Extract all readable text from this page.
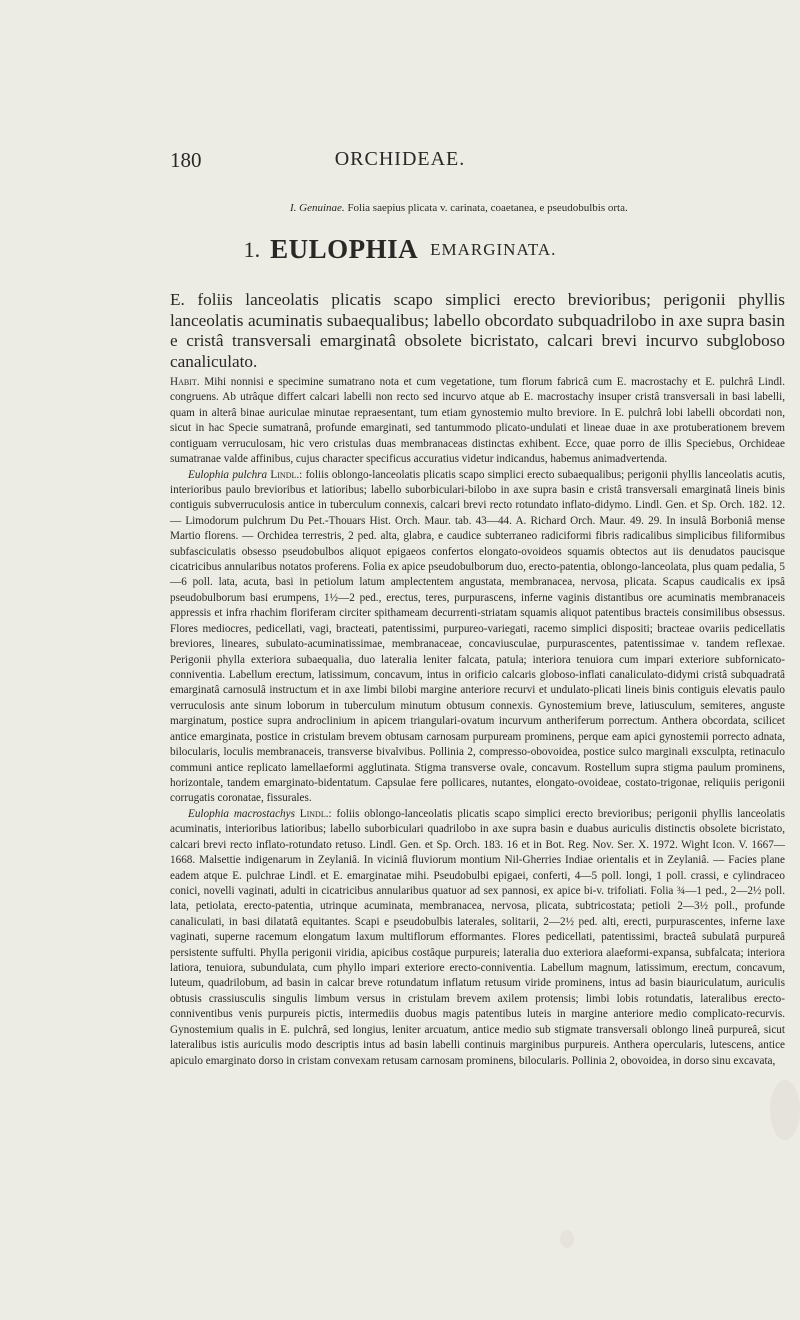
180	ORCHIDEAE.
I. Genuinae. Folia saepius plicata v. carinata, coaetanea, e pseudobulbis orta.
1. EULOPHIA EMARGINATA.
E. foliis lanceolatis plicatis scapo simplici erecto brevioribus; perigonii phyllis lanceolatis acuminatis subaequalibus; labello obcordato subquadrilobo in axe supra basin e cristâ transversali emarginatâ obsolete bicristato, calcari brevi incurvo subgloboso canaliculato.

Habit. Mihi nonnisi e specimine sumatrano nota et cum vegetatione, tum florum fabricâ cum E. macrostachy et E. pulchrâ Lindl. congruens. Ab utrâque differt calcari labelli non recto sed incurvo atque ab E. macrostachy insuper cristâ transversali in basi labelli, quam in alterâ binae auriculae minutae repraesentant, tum etiam gynostemio multo breviore. In E. pulchrâ lobi labelli obcordati non, sicut in hac Specie sumatranâ, profunde emarginati, sed tantummodo plicato-undulati et lineae duae in axe protuberationem brevem contiguam verruculosam, hic vero cristulas duas membranaceas distinctas exhibent. Ecce, quae porro de illis Speciebus, Orchideae sumatranae valde affinibus, cujus character specificus accuratius videtur indicandus, habemus animadvertenda.

Eulophia pulchra Lindl.: foliis oblongo-lanceolatis plicatis scapo simplici erecto subaequalibus; perigonii phyllis lanceolatis acutis, interioribus paulo brevioribus et latioribus; labello suborbiculari-bilobo in axe supra basin e cristâ transversali emarginatâ lineis binis contiguis subverruculosis antice in tuberculum connexis, calcari brevi recto rotundato inflato-didymo. Lindl. Gen. et Sp. Orch. 182. 12. — Limodorum pulchrum Du Pet.-Thouars Hist. Orch. Maur. tab. 43—44. A. Richard Orch. Maur. 49. 29. In insulâ Borboniâ mense Martio florens. — Orchidea terrestris, 2 ped. alta, glabra, e caudice subterraneo radiciformi fibris radicalibus simplicibus filiformibus subfasciculatis obsesso pseudobulbos aliquot epigaeos confertos elongato-ovoideos squamis obtectos aut iis denudatos paucisque cicatricibus annularibus notatos proferens. Folia ex apice pseudobulborum duo, erecto-patentia, oblongo-lanceolata, plus quam pedalia, 5—6 poll. lata, acuta, basi in petiolum latum amplectentem angustata, membranacea, nervosa, plicata. Scapus caudicalis ex ipsâ pseudobulborum basi erumpens, 1½—2 ped., erectus, teres, purpurascens, inferne vaginis distantibus ore acuminatis membranaceis appressis et infra rhachim floriferam circiter spithameam decurrenti-striatam squamis aliquot patentibus bracteis consimilibus obsessus. Flores mediocres, pedicellati, vagi, bracteati, patentissimi, purpureo-variegati, racemo simplici dispositi; bracteae ovariis pedicellatis breviores, lineares, subulato-acuminatissimae, membranaceae, concaviusculae, purpurascentes, patentissimae v. tandem reflexae. Perigonii phylla exteriora subaequalia, duo lateralia leniter falcata, patula; interiora tenuiora cum impari exteriore subfornicato-conniventia. Labellum erectum, latissimum, concavum, intus in orificio calcaris globoso-inflati canaliculato-didymi cristâ subquadratâ emarginatâ carnosulâ instructum et in axe limbi bilobi margine anteriore recurvi et undulato-plicati lineis binis contiguis elevatis paulo verruculosis ante sinum loborum in tuberculum minutum obtusum connexis. Gynostemium breve, latiusculum, semiteres, anguste marginatum, postice supra androclinium in apicem triangulari-ovatum incurvum antheriferum porrectum. Anthera obcordata, scilicet antice emarginata, postice in cristulam brevem obtusam carnosam purpuream prominens, perque eam apici gynostemii porrecto adnata, bilocularis, loculis membranaceis, transverse bivalvibus. Pollinia 2, compresso-obovoidea, postice sulco marginali exsculpta, retinaculo communi antice replicato lamellaeformi agglutinata. Stigma transverse ovale, concavum. Rostellum supra stigma paulum prominens, horizontale, tandem emarginato-bidentatum. Capsulae fere pollicares, nutantes, elongato-ovoideae, costato-trigonae, reliquiis perigonii corrugatis coronatae, fissurales.

Eulophia macrostachys Lindl.: foliis oblongo-lanceolatis plicatis scapo simplici erecto brevioribus; perigonii phyllis lanceolatis acuminatis, interioribus latioribus; labello suborbiculari quadrilobo in axe supra basin e duabus auriculis distinctis obsolete bicristato, calcari brevi recto inflato-rotundato retuso. Lindl. Gen. et Sp. Orch. 183. 16 et in Bot. Reg. Nov. Ser. X. 1972. Wight Icon. V. 1667—1668. Malsettie indigenarum in Zeylaniâ. In viciniâ fluviorum montium Nil-Gherries Indiae orientalis et in Zeylaniâ. — Facies plane eadem atque E. pulchrae Lindl. et E. emarginatae mihi. Pseudobulbi epigaei, conferti, 4—5 poll. longi, 1 poll. crassi, e cylindraceo conici, novelli vaginati, adulti in cicatricibus annularibus quatuor ad sex pannosi, ex apice bi-v. trifoliati. Folia ¾—1 ped., 2—2½ poll. lata, petiolata, erecto-patentia, utrinque acuminata, membranacea, nervosa, plicata, subtricostata; petioli 2—3½ poll., profunde canaliculati, in basi dilatatâ equitantes. Scapi e pseudobulbis laterales, solitarii, 2—2½ ped. alti, erecti, purpurascentes, inferne laxe vaginati, superne racemum elongatum laxum multiflorum efformantes. Flores pedicellati, patentissimi, bracteâ subulatâ purpureâ persistente suffulti. Phylla perigonii viridia, apicibus costâque purpureis; lateralia duo exteriora alaeformi-expansa, subfalcata; interiora latiora, tenuiora, subundulata, cum phyllo impari exteriore erecto-conniventia. Labellum magnum, latissimum, erectum, concavum, luteum, quadrilobum, ad basin in calcar breve rotundatum inflatum retusum viride prominens, intus ad basin biauriculatum, auriculis obtusis crassiusculis singulis limbum versus in cristulam brevem axilem protensis; limbi lobis rotundatis, lateralibus erecto-conniventibus venis purpureis pictis, intermediis duobus magis patentibus luteis in margine anteriore medio complicato-recurvis. Gynostemium qualis in E. pulchrâ, sed longius, leniter arcuatum, antice medio sub stigmate transversali oblongo lineâ purpureâ, sicut lateralibus istis auriculis modo descriptis intus ad basin labelli continuis marginibus purpureis. Anthera opercularis, lutescens, antice apiculo emarginato dorso in cristam convexam retusam carnosam prominens, bilocularis. Pollinia 2, obovoidea, in dorso sinu excavata,
